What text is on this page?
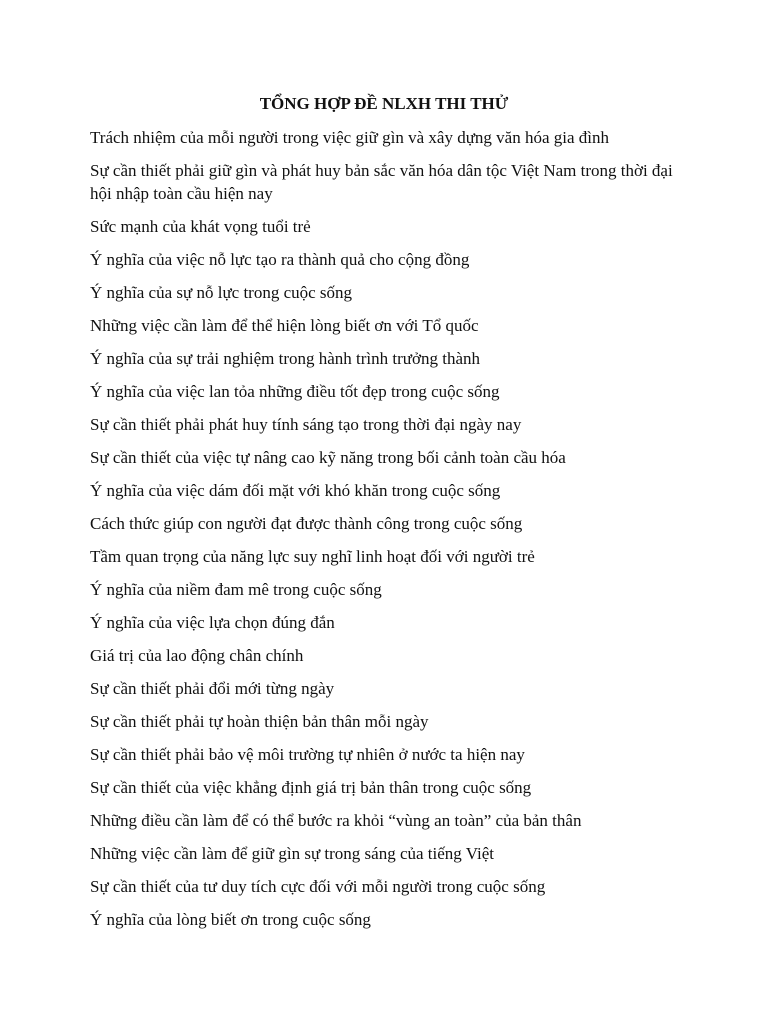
TỔNG HỢP ĐỀ NLXH THI THỬ
Trách nhiệm của mỗi người trong việc giữ gìn và xây dựng văn hóa gia đình
Sự cần thiết phải giữ gìn và phát huy bản sắc văn hóa dân tộc Việt Nam trong thời đại hội nhập toàn cầu hiện nay
Sức mạnh của khát vọng tuổi trẻ
Ý nghĩa của việc nỗ lực tạo ra thành quả cho cộng đồng
Ý nghĩa của sự nỗ lực trong cuộc sống
Những việc cần làm để thể hiện lòng biết ơn với Tổ quốc
Ý nghĩa của sự trải nghiệm trong hành trình trưởng thành
Ý nghĩa của việc lan tỏa những điều tốt đẹp trong cuộc sống
Sự cần thiết phải phát huy tính sáng tạo trong thời đại ngày nay
Sự cần thiết của việc tự nâng cao kỹ năng trong bối cảnh toàn cầu hóa
Ý nghĩa của việc dám đối mặt với khó khăn trong cuộc sống
Cách thức giúp con người đạt được thành công trong cuộc sống
Tầm quan trọng của năng lực suy nghĩ linh hoạt đối với người trẻ
Ý nghĩa của niềm đam mê trong cuộc sống
Ý nghĩa của việc lựa chọn đúng đắn
Giá trị của lao động chân chính
Sự cần thiết phải đổi mới từng ngày
Sự cần thiết phải tự hoàn thiện bản thân mỗi ngày
Sự cần thiết phải bảo vệ môi trường tự nhiên ở nước ta hiện nay
Sự cần thiết của việc khẳng định giá trị bản thân trong cuộc sống
Những điều cần làm để có thể bước ra khỏi “vùng an toàn” của bản thân
Những việc cần làm để giữ gìn sự trong sáng của tiếng Việt
Sự cần thiết của tư duy tích cực đối với mỗi người trong cuộc sống
Ý nghĩa của lòng biết ơn trong cuộc sống
